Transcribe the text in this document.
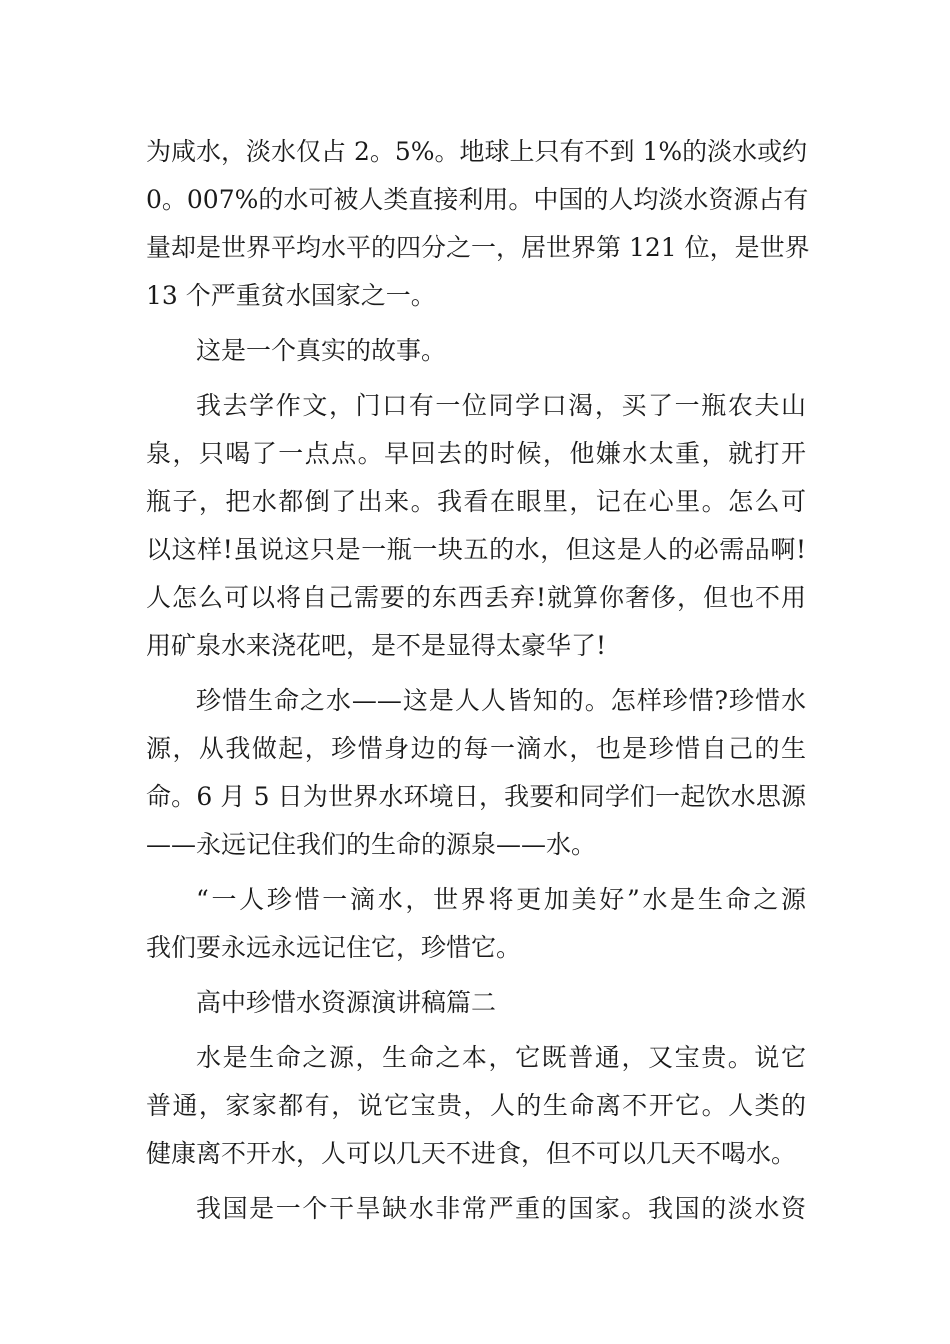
为咸水，淡水仅占 2。5%。地球上只有不到 1%的淡水或约
0。007%的水可被人类直接利用。中国的人均淡水资源占有
量却是世界平均水平的四分之一，居世界第 121 位，是世界
13 个严重贫水国家之一。
这是一个真实的故事。
我去学作文，门口有一位同学口渴，买了一瓶农夫山
泉，只喝了一点点。早回去的时候，他嫌水太重，就打开
瓶子，把水都倒了出来。我看在眼里，记在心里。怎么可
以这样!虽说这只是一瓶一块五的水，但这是人的必需品啊!
人怎么可以将自己需要的东西丢弃!就算你奢侈，但也不用
用矿泉水来浇花吧，是不是显得太豪华了!
珍惜生命之水——这是人人皆知的。怎样珍惜?珍惜水
源，从我做起，珍惜身边的每一滴水，也是珍惜自己的生
命。6 月 5 日为世界水环境日，我要和同学们一起饮水思源
——永远记住我们的生命的源泉——水。
“一人珍惜一滴水，世界将更加美好”水是生命之源
我们要永远永远记住它，珍惜它。
高中珍惜水资源演讲稿篇二
水是生命之源，生命之本，它既普通，又宝贵。说它
普通，家家都有，说它宝贵，人的生命离不开它。人类的
健康离不开水，人可以几天不进食，但不可以几天不喝水。
我国是一个干旱缺水非常严重的国家。我国的淡水资
